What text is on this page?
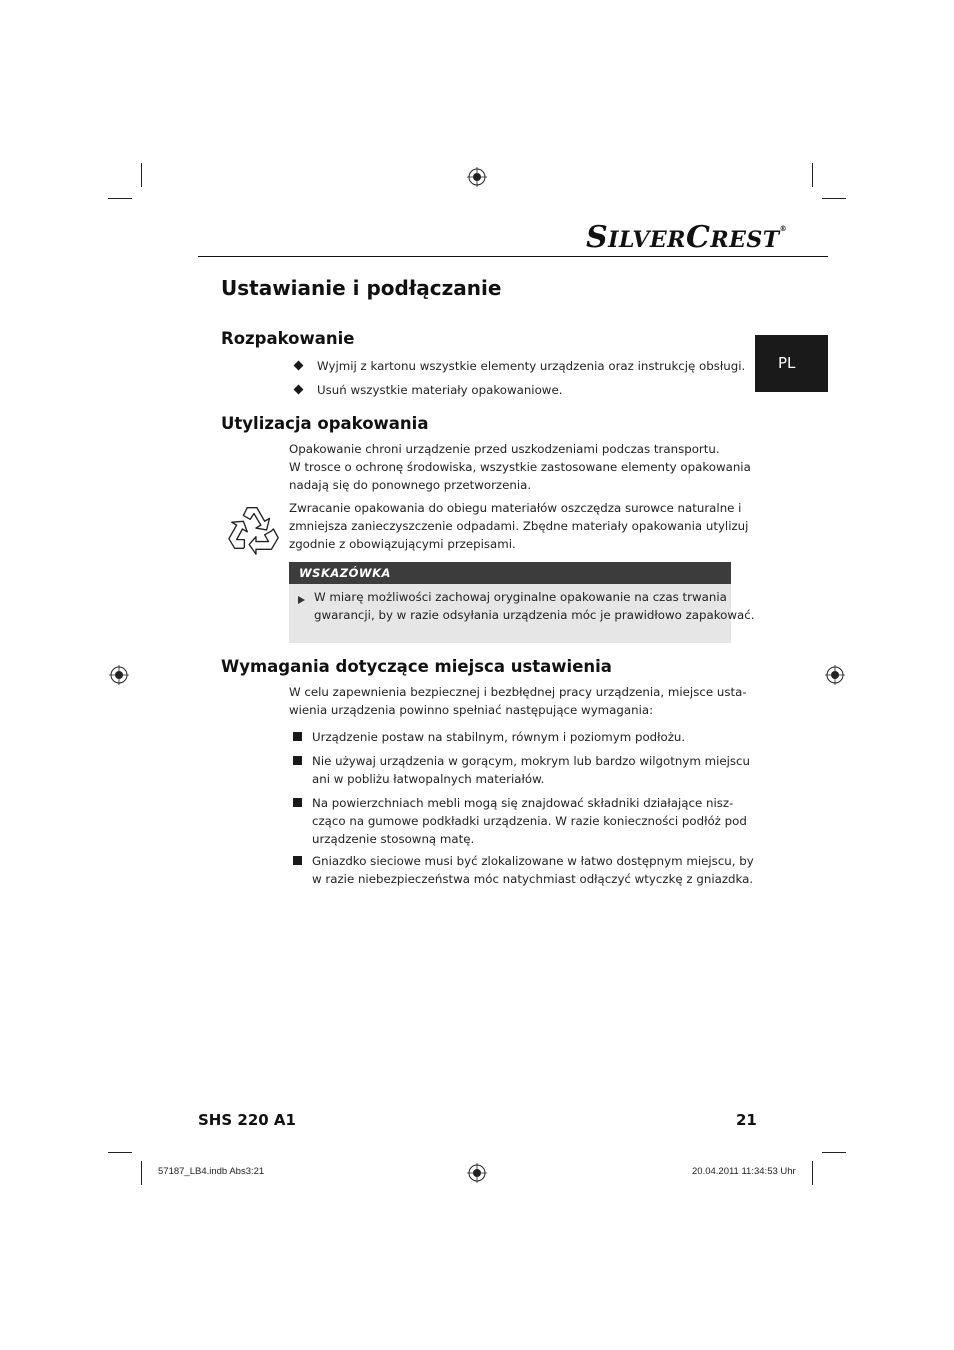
SILVERCREST®
PL
Ustawianie i podłączanie
Rozpakowanie
Wyjmij z kartonu wszystkie elementy urządzenia oraz instrukcję obsługi.
Usuń wszystkie materiały opakowaniowe.
Utylizacja opakowania
Opakowanie chroni urządzenie przed uszkodzeniami podczas transportu.
W trosce o ochronę środowiska, wszystkie zastosowane elementy opakowania
nadają się do ponownego przetworzenia.
Zwracanie opakowania do obiegu materiałów oszczędza surowce naturalne i
zmniejsza zanieczyszczenie odpadami. Zbędne materiały opakowania utylizuj
zgodnie z obowiązującymi przepisami.
WSKAZÓWKA
W miarę możliwości zachowaj oryginalne opakowanie na czas trwania
gwarancji, by w razie odsyłania urządzenia móc je prawidłowo zapakować.
Wymagania dotyczące miejsca ustawienia
W celu zapewnienia bezpiecznej i bezbłędnej pracy urządzenia, miejsce usta-
wienia urządzenia powinno spełniać następujące wymagania:
Urządzenie postaw na stabilnym, równym i poziomym podłożu.
Nie używaj urządzenia w gorącym, mokrym lub bardzo wilgotnym miejscu
ani w pobliżu łatwopalnych materiałów.
Na powierzchniach mebli mogą się znajdować składniki działające nisz-
cząco na gumowe podkładki urządzenia. W razie konieczności podłóż pod
urządzenie stosowną matę.
Gniazdko sieciowe musi być zlokalizowane w łatwo dostępnym miejscu, by
w razie niebezpieczeństwa móc natychmiast odłączyć wtyczkę z gniazdka.
SHS 220 A1	21
57187_LB4.indb Abs3:21	20.04.2011 11:34:53 Uhr
